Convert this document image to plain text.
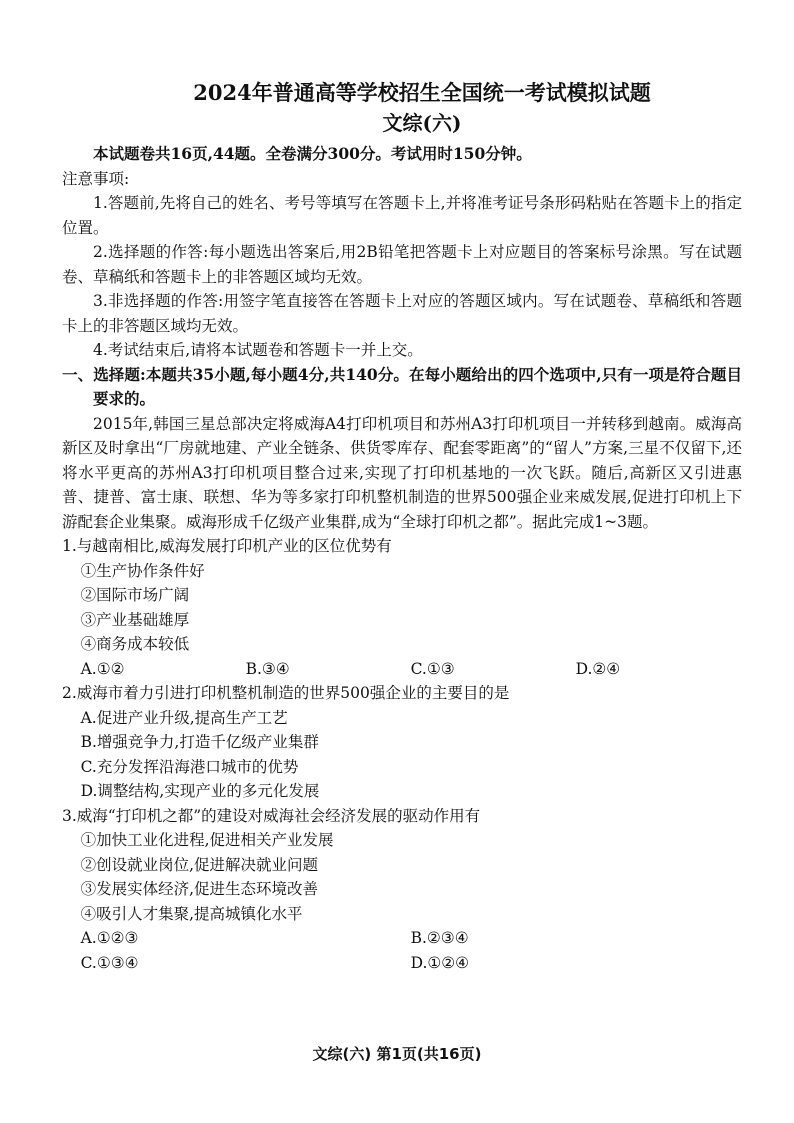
2024年普通高等学校招生全国统一考试模拟试题
文综(六)

本试题卷共16页,44题。全卷满分300分。考试用时150分钟。

注意事项:

1.答题前,先将自己的姓名、考号等填写在答题卡上,并将准考证号条形码粘贴在答题卡上的指定位置。

2.选择题的作答:每小题选出答案后,用2B铅笔把答题卡上对应题目的答案标号涂黑。写在试题卷、草稿纸和答题卡上的非答题区域均无效。

3.非选择题的作答:用签字笔直接答在答题卡上对应的答题区域内。写在试题卷、草稿纸和答题卡上的非答题区域均无效。

4.考试结束后,请将本试题卷和答题卡一并上交。

一、选择题:本题共35小题,每小题4分,共140分。在每小题给出的四个选项中,只有一项是符合题目要求的。

2015年,韩国三星总部决定将威海A4打印机项目和苏州A3打印机项目一并转移到越南。威海高新区及时拿出“厂房就地建、产业全链条、供货零库存、配套零距离”的“留人”方案,三星不仅留下,还将水平更高的苏州A3打印机项目整合过来,实现了打印机基地的一次飞跃。随后,高新区又引进惠普、捷普、富士康、联想、华为等多家打印机整机制造的世界500强企业来威发展,促进打印机上下游配套企业集聚。威海形成千亿级产业集群,成为“全球打印机之都”。据此完成1~3题。

1.与越南相比,威海发展打印机产业的区位优势有

①生产协作条件好

②国际市场广阔

③产业基础雄厚

④商务成本较低

A.①②	B.③④	C.①③	D.②④

2.威海市着力引进打印机整机制造的世界500强企业的主要目的是

A.促进产业升级,提高生产工艺

B.增强竞争力,打造千亿级产业集群

C.充分发挥沿海港口城市的优势

D.调整结构,实现产业的多元化发展

3.威海“打印机之都”的建设对威海社会经济发展的驱动作用有

①加快工业化进程,促进相关产业发展

②创设就业岗位,促进解决就业问题

③发展实体经济,促进生态环境改善

④吸引人才集聚,提高城镇化水平

A.①②③	B.②③④
C.①③④	D.①②④
文综(六) 第1页(共16页)
